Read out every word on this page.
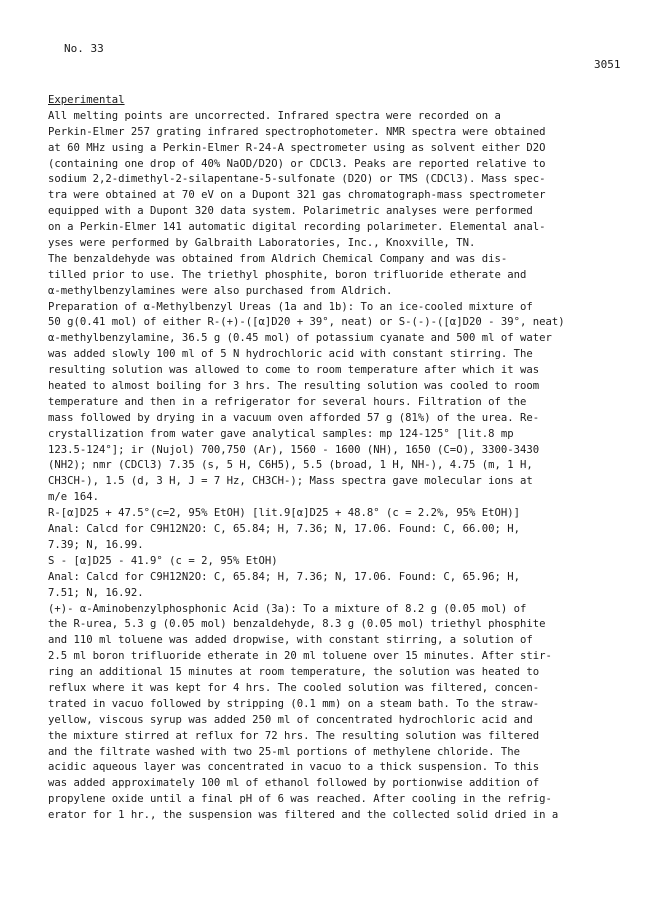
No. 33
3051
Experimental
All melting points are uncorrected. Infrared spectra were recorded on a
Perkin-Elmer 257 grating infrared spectrophotometer. NMR spectra were obtained
at 60 MHz using a Perkin-Elmer R-24-A spectrometer using as solvent either D2O
(containing one drop of 40% NaOD/D2O) or CDCl3. Peaks are reported relative to
sodium 2,2-dimethyl-2-silapentane-5-sulfonate (D2O) or TMS (CDCl3). Mass spec-
tra were obtained at 70 eV on a Dupont 321 gas chromatograph-mass spectrometer
equipped with a Dupont 320 data system. Polarimetric analyses were performed
on a Perkin-Elmer 141 automatic digital recording polarimeter. Elemental anal-
yses were performed by Galbraith Laboratories, Inc., Knoxville, TN.
The benzaldehyde was obtained from Aldrich Chemical Company and was dis-
tilled prior to use. The triethyl phosphite, boron trifluoride etherate and
α-methylbenzylamines were also purchased from Aldrich.
Preparation of α-Methylbenzyl Ureas (1a and 1b): To an ice-cooled mixture of
50 g(0.41 mol) of either R-(+)-([α]D20 + 39°, neat) or S-(-)-([α]D20 - 39°, neat)
α-methylbenzylamine, 36.5 g (0.45 mol) of potassium cyanate and 500 ml of water
was added slowly 100 ml of 5 N hydrochloric acid with constant stirring. The
resulting solution was allowed to come to room temperature after which it was
heated to almost boiling for 3 hrs. The resulting solution was cooled to room
temperature and then in a refrigerator for several hours. Filtration of the
mass followed by drying in a vacuum oven afforded 57 g (81%) of the urea. Re-
crystallization from water gave analytical samples: mp 124-125° [lit.8 mp
123.5-124°]; ir (Nujol) 700,750 (Ar), 1560 - 1600 (NH), 1650 (C=O), 3300-3430
(NH2); nmr (CDCl3) 7.35 (s, 5 H, C6H5), 5.5 (broad, 1 H, NH-), 4.75 (m, 1 H,
CH3CH-), 1.5 (d, 3 H, J = 7 Hz, CH3CH-); Mass spectra gave molecular ions at
m/e 164.
R-[α]D25 + 47.5°(c=2, 95% EtOH) [lit.9[α]D25 + 48.8° (c = 2.2%, 95% EtOH)]
Anal: Calcd for C9H12N2O: C, 65.84; H, 7.36; N, 17.06. Found: C, 66.00; H,
7.39; N, 16.99.
S - [α]D25 - 41.9° (c = 2, 95% EtOH)
Anal: Calcd for C9H12N2O: C, 65.84; H, 7.36; N, 17.06. Found: C, 65.96; H,
7.51; N, 16.92.
(+)- α-Aminobenzylphosphonic Acid (3a): To a mixture of 8.2 g (0.05 mol) of
the R-urea, 5.3 g (0.05 mol) benzaldehyde, 8.3 g (0.05 mol) triethyl phosphite
and 110 ml toluene was added dropwise, with constant stirring, a solution of
2.5 ml boron trifluoride etherate in 20 ml toluene over 15 minutes. After stir-
ring an additional 15 minutes at room temperature, the solution was heated to
reflux where it was kept for 4 hrs. The cooled solution was filtered, concen-
trated in vacuo followed by stripping (0.1 mm) on a steam bath. To the straw-
yellow, viscous syrup was added 250 ml of concentrated hydrochloric acid and
the mixture stirred at reflux for 72 hrs. The resulting solution was filtered
and the filtrate washed with two 25-ml portions of methylene chloride. The
acidic aqueous layer was concentrated in vacuo to a thick suspension. To this
was added approximately 100 ml of ethanol followed by portionwise addition of
propylene oxide until a final pH of 6 was reached. After cooling in the refrig-
erator for 1 hr., the suspension was filtered and the collected solid dried in a
